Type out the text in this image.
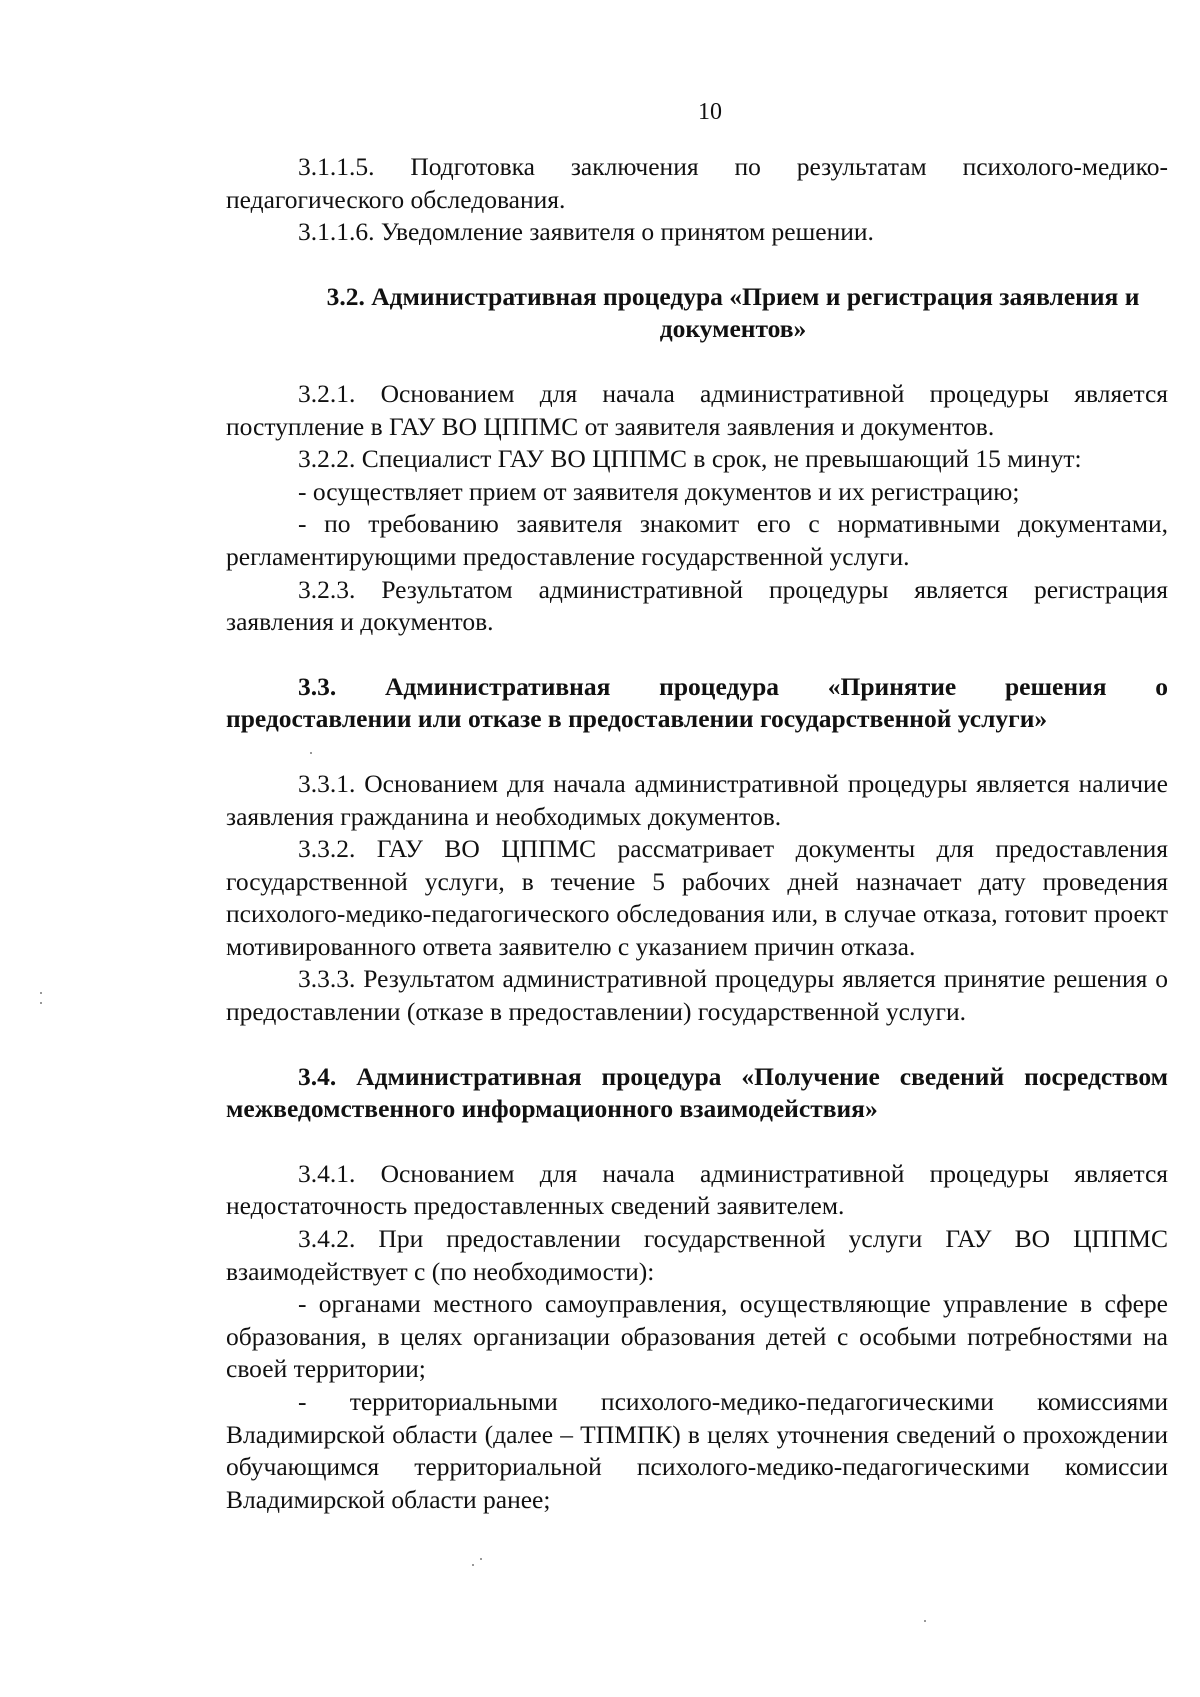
10

3.1.1.5. Подготовка заключения по результатам психолого-медико-педагогического обследования.

3.1.1.6. Уведомление заявителя о принятом решении.

3.2. Административная процедура «Прием и регистрация заявления и документов»

3.2.1. Основанием для начала административной процедуры является поступление в ГАУ ВО ЦППМС от заявителя заявления и документов.

3.2.2. Специалист ГАУ ВО ЦППМС в срок, не превышающий 15 минут:

- осуществляет прием от заявителя документов и их регистрацию;

- по требованию заявителя знакомит его с нормативными документами, регламентирующими предоставление государственной услуги.

3.2.3. Результатом административной процедуры является регистрация заявления и документов.

3.3. Административная процедура «Принятие решения о

предоставлении или отказе в предоставлении государственной услуги»

3.3.1. Основанием для начала административной процедуры является наличие заявления гражданина и необходимых документов.

3.3.2. ГАУ ВО ЦППМС рассматривает документы для предоставления государственной услуги, в течение 5 рабочих дней назначает дату проведения психолого-медико-педагогического обследования или, в случае отказа, готовит проект мотивированного ответа заявителю с указанием причин отказа.

3.3.3. Результатом административной процедуры является принятие решения о предоставлении (отказе в предоставлении) государственной услуги.

3.4. Административная процедура «Получение сведений посредством межведомственного информационного взаимодействия»

3.4.1. Основанием для начала административной процедуры является недостаточность предоставленных сведений заявителем.

3.4.2. При предоставлении государственной услуги ГАУ ВО ЦППМС взаимодействует с (по необходимости):

- органами местного самоуправления, осуществляющие управление в сфере образования, в целях организации образования детей с особыми потребностями на своей территории;

- территориальными психолого-медико-педагогическими комиссиями Владимирской области (далее – ТПМПК) в целях уточнения сведений о прохождении обучающимся территориальной психолого-медико-педагогическими комиссии Владимирской области ранее;
